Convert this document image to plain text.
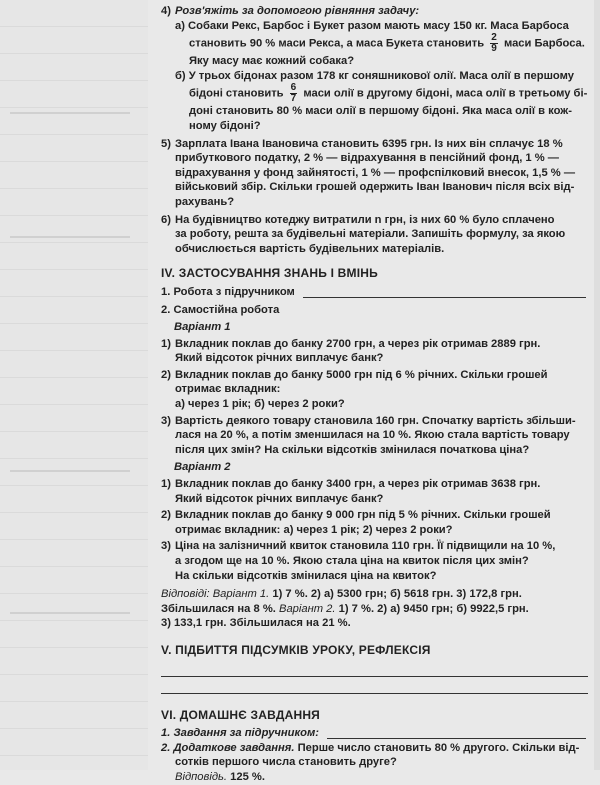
4) Розв'яжіть за допомогою рівняння задачу:
а) Собаки Рекс, Барбос і Букет разом мають масу 150 кг. Маса Барбоса
становить 90 % маси Рекса, а маса Букета становить $\frac{2}{9}$ маси Барбоса.
Яку масу має кожний собака?
б) У трьох бідонах разом 178 кг соняшникової олії. Маса олії в першому
бідоні становить $\frac{6}{7}$ маси олії в другому бідоні, маса олії в третьому бі-
доні становить 80 % маси олії в першому бідоні. Яка маса олії в кож-
ному бідоні?
5) Зарплата Івана Івановича становить 6395 грн. Із них він сплачує 18 %
прибуткового податку, 2 % — відрахування в пенсійний фонд, 1 % —
відрахування у фонд зайнятості, 1 % — профспілковий внесок, 1,5 % —
військовий збір. Скільки грошей одержить Іван Іванович після всіх від-
рахувань?
6) На будівництво котеджу витратили n грн, із них 60 % було сплачено
за роботу, решта за будівельні матеріали. Запишіть формулу, за якою
обчислюється вартість будівельних матеріалів.
IV. ЗАСТОСУВАННЯ ЗНАНЬ І ВМІНЬ
1. Робота з підручником
2. Самостійна робота
Варіант 1
1) Вкладник поклав до банку 2700 грн, а через рік отримав 2889 грн.
Який відсоток річних виплачує банк?
2) Вкладник поклав до банку 5000 грн під 6 % річних. Скільки грошей
отримає вкладник:
а) через 1 рік; б) через 2 роки?
3) Вартість деякого товару становила 160 грн. Спочатку вартість збільши-
лася на 20 %, а потім зменшилася на 10 %. Якою стала вартість товару
після цих змін? На скільки відсотків змінилася початкова ціна?
Варіант 2
1) Вкладник поклав до банку 3400 грн, а через рік отримав 3638 грн.
Який відсоток річних виплачує банк?
2) Вкладник поклав до банку 9 000 грн під 5 % річних. Скільки грошей
отримає вкладник: а) через 1 рік; 2) через 2 роки?
3) Ціна на залізничний квиток становила 110 грн. Її підвищили на 10 %,
а згодом ще на 10 %. Якою стала ціна на квиток після цих змін?
На скільки відсотків змінилася ціна на квиток?
Відповіді: Варіант 1. 1) 7 %. 2) а) 5300 грн; б) 5618 грн. 3) 172,8 грн.
Збільшилася на 8 %. Варіант 2. 1) 7 %. 2) а) 9450 грн; б) 9922,5 грн.
3) 133,1 грн. Збільшилася на 21 %.
V. ПІДБИТТЯ ПІДСУМКІВ УРОКУ, РЕФЛЕКСІЯ
VI. ДОМАШНЄ ЗАВДАННЯ
1. Завдання за підручником:
2. Додаткове завдання. Перше число становить 80 % другого. Скільки від-
сотків першого числа становить друге?
Відповідь. 125 %.
